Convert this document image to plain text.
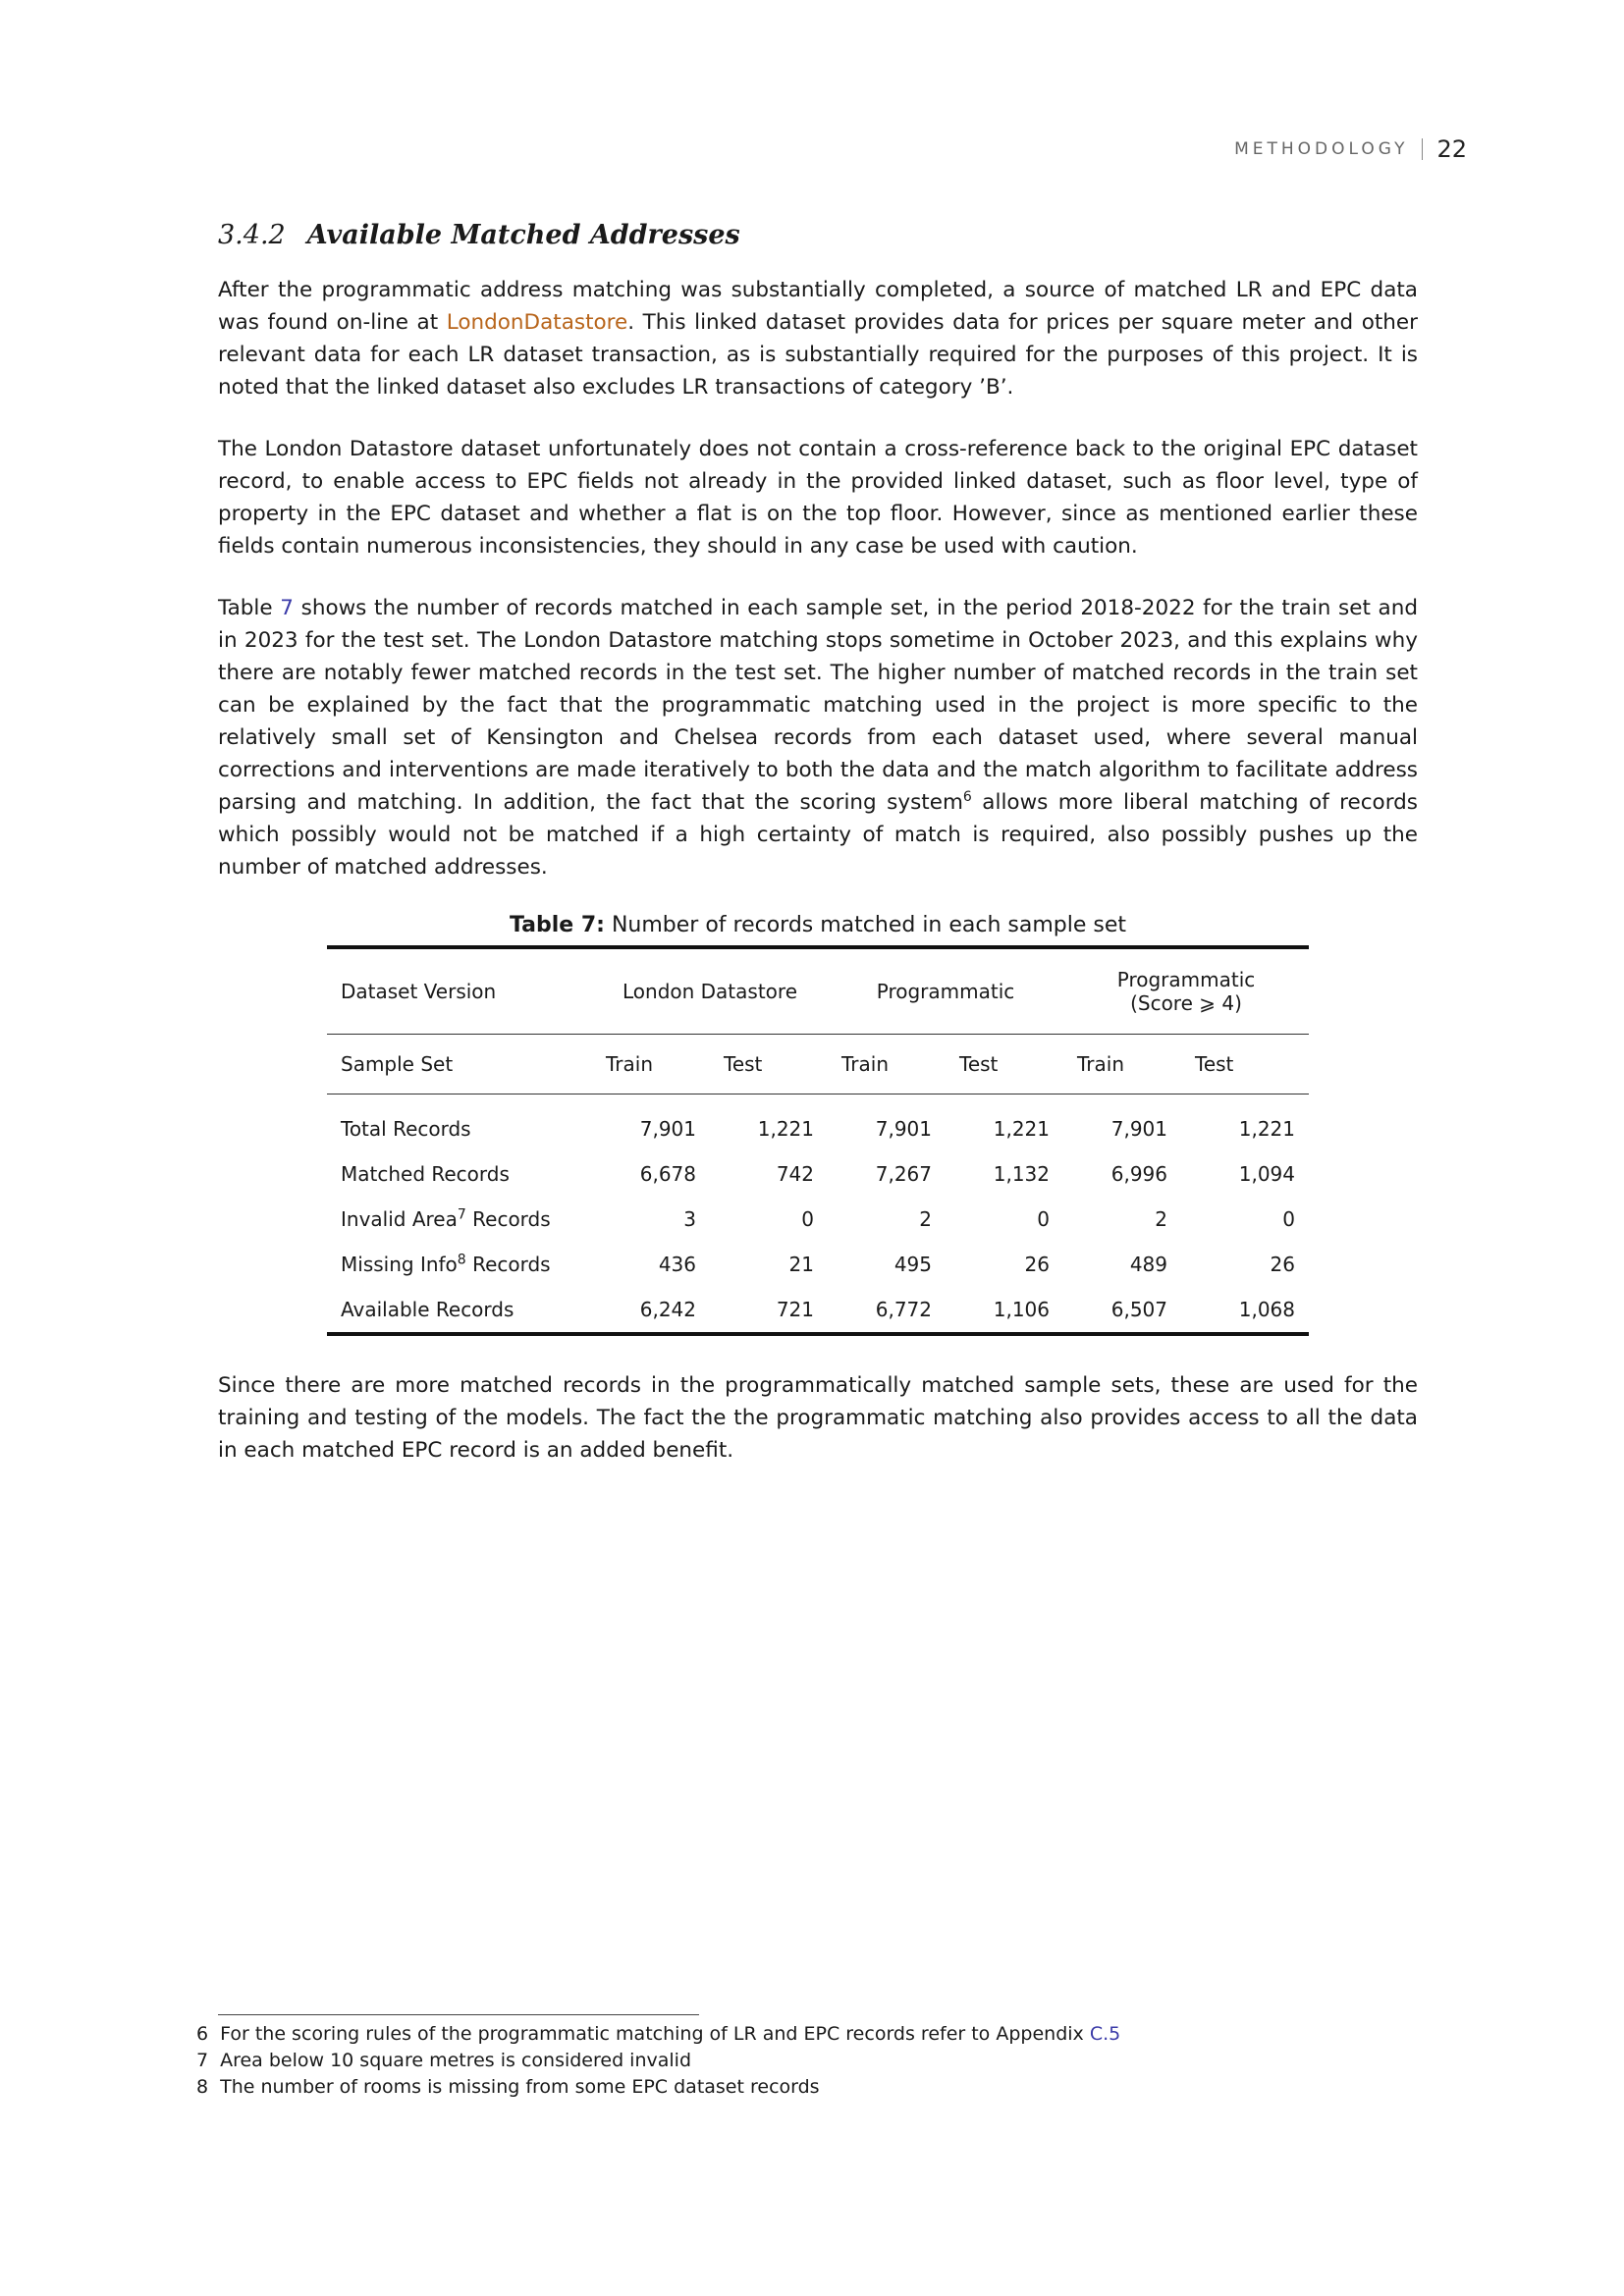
METHODOLOGY 22
3.4.2 Available Matched Addresses

After the programmatic address matching was substantially completed, a source of matched LR and EPC data was found on-line at LondonDatastore. This linked dataset provides data for prices per square meter and other relevant data for each LR dataset transaction, as is substantially required for the purposes of this project. It is noted that the linked dataset also excludes LR transactions of category ’B’.

The London Datastore dataset unfortunately does not contain a cross-reference back to the original EPC dataset record, to enable access to EPC fields not already in the provided linked dataset, such as floor level, type of property in the EPC dataset and whether a flat is on the top floor. However, since as mentioned earlier these fields contain numerous inconsistencies, they should in any case be used with caution.

Table 7 shows the number of records matched in each sample set, in the period 2018-2022 for the train set and in 2023 for the test set. The London Datastore matching stops sometime in October 2023, and this explains why there are notably fewer matched records in the test set. The higher number of matched records in the train set can be explained by the fact that the programmatic matching used in the project is more specific to the relatively small set of Kensington and Chelsea records from each dataset used, where several manual corrections and interventions are made iteratively to both the data and the match algorithm to facilitate address parsing and matching. In addition, the fact that the scoring system$^6$ allows more liberal matching of records which possibly would not be matched if a high certainty of match is required, also possibly pushes up the number of matched addresses.

Table 7: Number of records matched in each sample set
Dataset Version	London Datastore		Programmatic		Programmatic
(Score ⩾ 4)	

Sample Set	Train	Test	Train	Test	Train	Test
Total Records	7,901	1,221	7,901	1,221	7,901	1,221
Matched Records	6,678	742	7,267	1,132	6,996	1,094
Invalid Area$^7$ Records	3	0	2	0	2	0
Missing Info$^8$ Records	436	21	495	26	489	26
Available Records	6,242	721	6,772	1,106	6,507	1,068

Since there are more matched records in the programmatically matched sample sets, these are used for the training and testing of the models. The fact the the programmatic matching also provides access to all the data in each matched EPC record is an added benefit.

6 For the scoring rules of the programmatic matching of LR and EPC records refer to Appendix C.5
7 Area below 10 square metres is considered invalid
8 The number of rooms is missing from some EPC dataset records
